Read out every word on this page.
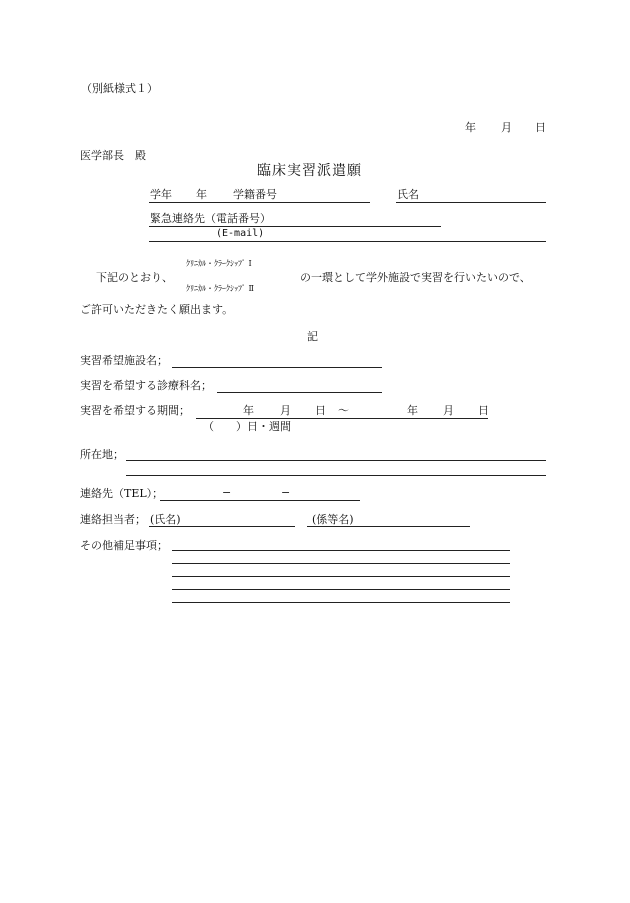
（別紙様式１）
年 月 日
医学部長　殿
臨床実習派遣願
学年 年 学籍番号	氏名
緊急連絡先（電話番号）
(E-mail)
ｸﾘﾆｶﾙ・ｸﾗｰｸｼｯﾌﾟ Ⅰ
下記のとおり、	の一環として学外施設で実習を行いたいので、
ｸﾘﾆｶﾙ・ｸﾗｰｸｼｯﾌﾟ Ⅱ
ご許可いただきたく願出ます。
記
実習希望施設名；
実習を希望する診療科名；
実習を希望する期間；	年 月 日 〜	年 月 日
（　　）日・週間
所在地；
連絡先（TEL）；	−	−
連絡担当者； (氏名)	(係等名)
その他補足事項；
